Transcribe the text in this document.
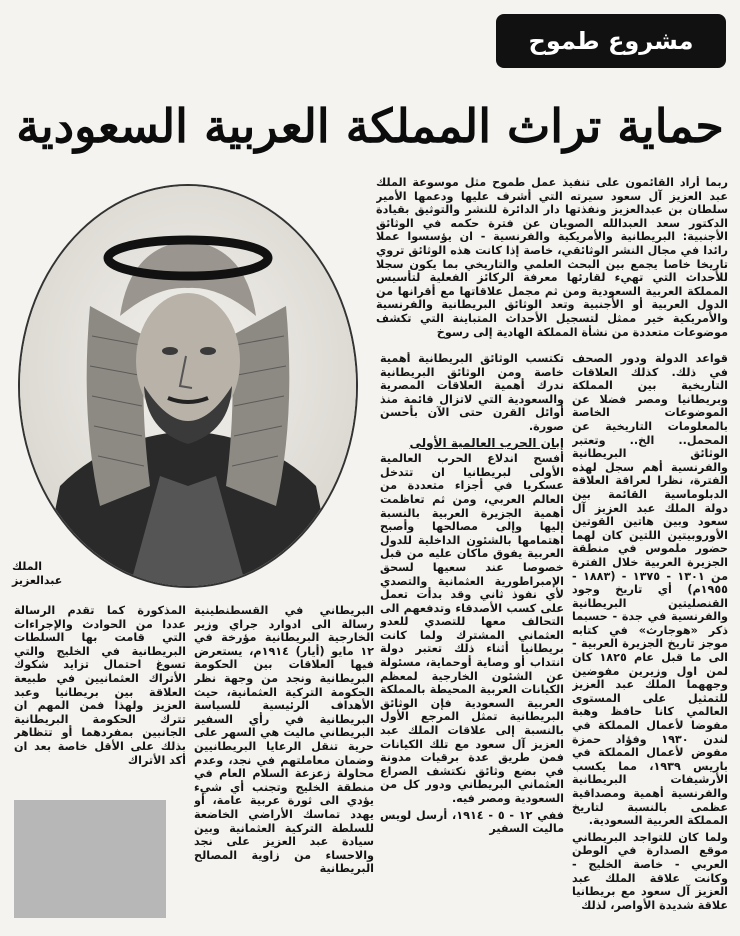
مشروع طموح
حماية تراث المملكة العربية السعودية

ربما أراد القائمون على تنفيذ عمل طموح مثل موسوعة الملك عبد العزيز آل سعود سيرته التي أشرف عليها ودعمها الأمير سلطان بن عبدالعزيز ونفذتها دار الدائرة للنشر والتوثيق بقيادة الدكتور سعد العبدالله الصويان عن فترة حكمه في الوثائق الأجنبية: البريطانية والأمريكية والفرنسية - ان يؤسسوا عملا رائدا في مجال النشر الوثائقي، خاصة إذا كانت هذه الوثائق تروي تاريخا خاصا يجمع بين البحث العلمي والتاريخي بما يكون سجلا للأحداث التي تهيء لقارئها معرفة الركائز الفعلية لتأسيس المملكة العربية السعودية ومن ثم مجمل علاقاتها مع أقرانها من الدول العربية أو الأجنبية وتعد الوثائق البريطانية والفرنسية والأمريكية خير ممثل لتسجيل الأحداث المتباينة التي تكشف موضوعات متعددة من نشأة المملكة الهادية إلى رسوخ

قواعد الدولة ودور الصحف في ذلك. كذلك العلاقات التاريخية بين المملكة وبريطانيا ومصر فضلا عن الموضوعات الخاصة بالمعلومات التاريخية عن المحمل.. الخ.. وتعتبر الوثائق البريطانية والفرنسية أهم سجل لهذه الفترة، نظرا لعراقة العلاقة الدبلوماسية القائمة بين دولة الملك عبد العزيز آل سعود وبين هاتين القوتين الأوروبيتين اللتين كان لهما حضور ملموس في منطقة الجزيرة العربية خلال الفترة من ١٣٠١ - ١٣٧٥ - (١٨٨٣ - ١٩٥٥م) أي تاريخ وجود القنصليتين البريطانية والفرنسية في جدة - حسبما ذكر «هوجارث» في كتابه موجز تاريخ الجزيرة العربية - الى ما قبل عام ١٨٢٥ كان لمن اول وزيرين مفوضين وجههما الملك عبد العزيز للتمثيل على المستوى العالمي كانا حافظ وهبة مفوضا لأعمال المملكة في لندن ١٩٣٠ وفؤاد حمزة مفوض لأعمال المملكة في باريس ١٩٣٩، مما يكسب الأرشيفات البريطانية والفرنسية أهمية ومصداقية عظمى بالنسبة لتاريخ المملكة العربية السعودية.

ولما كان للتواجد البريطاني موقع الصدارة في الوطن العربي - خاصة الخليج - وكانت علاقة الملك عبد العزيز آل سعود مع بريطانيا علاقة شديدة الأواصر، لذلك

تكتسب الوثائق البريطانية أهمية خاصة ومن الوثائق البريطانية ندرك أهمية العلاقات المصرية والسعودية التي لاتزال قائمة منذ أوائل القرن حتى الآن بأحسن صورة.

إبان الحرب العالمية الأولى

أفسح اندلاع الحرب العالمية الأولى لبريطانيا ان تتدخل عسكريا في أجزاء متعددة من العالم العربي، ومن ثم تعاظمت أهمية الجزيرة العربية بالنسبة إليها وإلى مصالحها وأصبح اهتمامها بالشئون الداخلية للدول العربية يفوق ماكان عليه من قبل خصوصا عند سعيها لسحق الإمبراطورية العثمانية والتصدي لأي نفوذ ثاني وقد بدأت تعمل على كسب الأصدقاء وتدفعهم الى التحالف معها للتصدي للعدو العثماني المشترك ولما كانت بريطانيا أثناء ذلك تعتبر دولة انتداب أو وصاية أوحماية، مسئولة عن الشئون الخارجية لمعظم الكيانات العربية المحيطة بالمملكة العربية السعودية فإن الوثائق البريطانية تمثل المرجع الأول بالنسبة إلى علاقات الملك عبد العزيز آل سعود مع تلك الكيانات فمن طريق عدة برقيات مدونة في بضع وثائق نكتشف الصراع العثماني البريطاني ودور كل من السعودية ومصر فيه.

ففي ١٢ - ٥ - ١٩١٤، أرسل لويس ماليت السفير

الملك
عبدالعزيز

البريطاني في القسطنطينية رسالة الى ادوارد جراي وزير الخارجية البريطانية مؤرخة في ١٢ مايو (أيار) ١٩١٤م، يستعرض فيها العلاقات بين الحكومة البريطانية ونجد من وجهة نظر الحكومة التركية العثمانية، حيث الأهداف الرئيسية للسياسة البريطانية في رأي السفير البريطاني ماليت هي السهر على حرية تنقل الرعايا البريطانيين وضمان معاملتهم في نجد، وعدم محاولة زعزعة السلام العام في منطقة الخليج وتجنب أي شيء يؤدي الى ثورة عربية عامة، أو يهدد تماسك الأراضي الخاضعة للسلطة التركية العثمانية وبين سيادة عبد العزيز على نجد والاحساء من زاوية المصالح البريطانية

المذكورة كما تقدم الرسالة عددا من الحوادث والإجراءات التي قامت بها السلطات البريطانية في الخليج والتي تسوغ احتمال تزايد شكوك الأتراك العثمانيين في طبيعة العلاقة بين بريطانيا وعبد العزيز ولهذا فمن المهم ان تترك الحكومة البريطانية الجانبين بمفردهما أو تتظاهر بذلك على الأقل خاصة بعد ان أكد الأتراك
